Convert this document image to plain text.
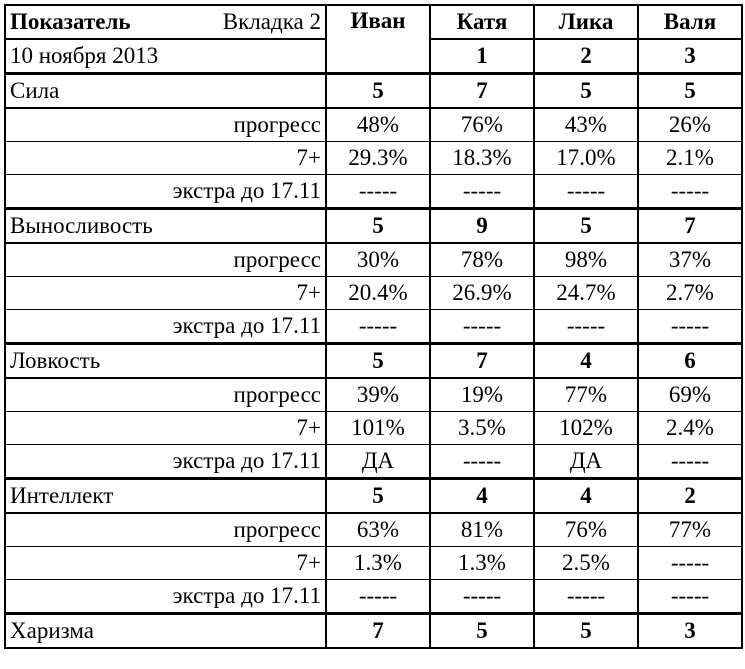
Показатель Вкладка 2	Иван	Катя	Лика	Валя
10 ноября 2013		1	2	3
Сила	5	7	5	5
прогресс	48%	76%	43%	26%
7+	29.3%	18.3%	17.0%	2.1%
экстра до 17.11	-----	-----	-----	-----
Выносливость	5	9	5	7
прогресс	30%	78%	98%	37%
7+	20.4%	26.9%	24.7%	2.7%
экстра до 17.11	-----	-----	-----	-----
Ловкость	5	7	4	6
прогресс	39%	19%	77%	69%
7+	101%	3.5%	102%	2.4%
экстра до 17.11	ДА	-----	ДА	-----
Интеллект	5	4	4	2
прогресс	63%	81%	76%	77%
7+	1.3%	1.3%	2.5%	-----
экстра до 17.11	-----	-----	-----	-----
Харизма	7	5	5	3
